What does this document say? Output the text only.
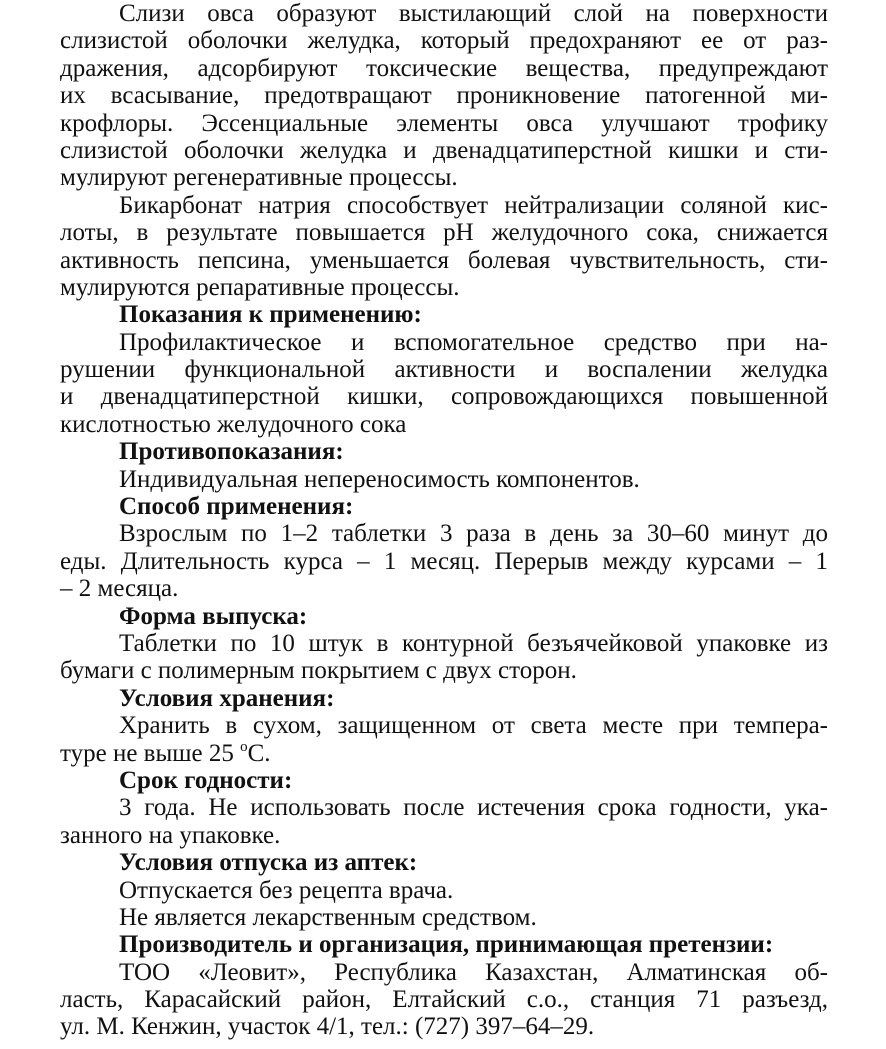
Слизи овса образуют выстилающий слой на поверхности
слизистой оболочки желудка, который предохраняют ее от раз-
дражения, адсорбируют токсические вещества, предупреждают
их всасывание, предотвращают проникновение патогенной ми-
крофлоры. Эссенциальные элементы овса улучшают трофику
слизистой оболочки желудка и двенадцатиперстной кишки и сти-
мулируют регенеративные процессы.
Бикарбонат натрия способствует нейтрализации соляной кис-
лоты, в результате повышается pH желудочного сока, снижается
активность пепсина, уменьшается болевая чувствительность, сти-
мулируются репаративные процессы.
Показания к применению:
Профилактическое и вспомогательное средство при на-
рушении функциональной активности и воспалении желудка
и двенадцатиперстной кишки, сопровождающихся повышенной
кислотностью желудочного сока
Противопоказания:
Индивидуальная непереносимость компонентов.
Способ применения:
Взрослым по 1–2 таблетки 3 раза в день за 30–60 минут до
еды. Длительность курса – 1 месяц. Перерыв между курсами – 1
– 2 месяца.
Форма выпуска:
Таблетки по 10 штук в контурной безъячейковой упаковке из
бумаги с полимерным покрытием с двух сторон.
Условия хранения:
Хранить в сухом, защищенном от света месте при темпера-
туре не выше 25 $^о$С.
Срок годности:
3 года. Не использовать после истечения срока годности, ука-
занного на упаковке.
Условия отпуска из аптек:
Отпускается без рецепта врача.
Не является лекарственным средством.
Производитель и организация, принимающая претензии:
ТОО «Леовит», Республика Казахстан, Алматинская об-
ласть, Карасайский район, Елтайский с.о., станция 71 разъезд,
ул. М. Кенжин, участок 4/1, тел.: (727) 397–64–29.
